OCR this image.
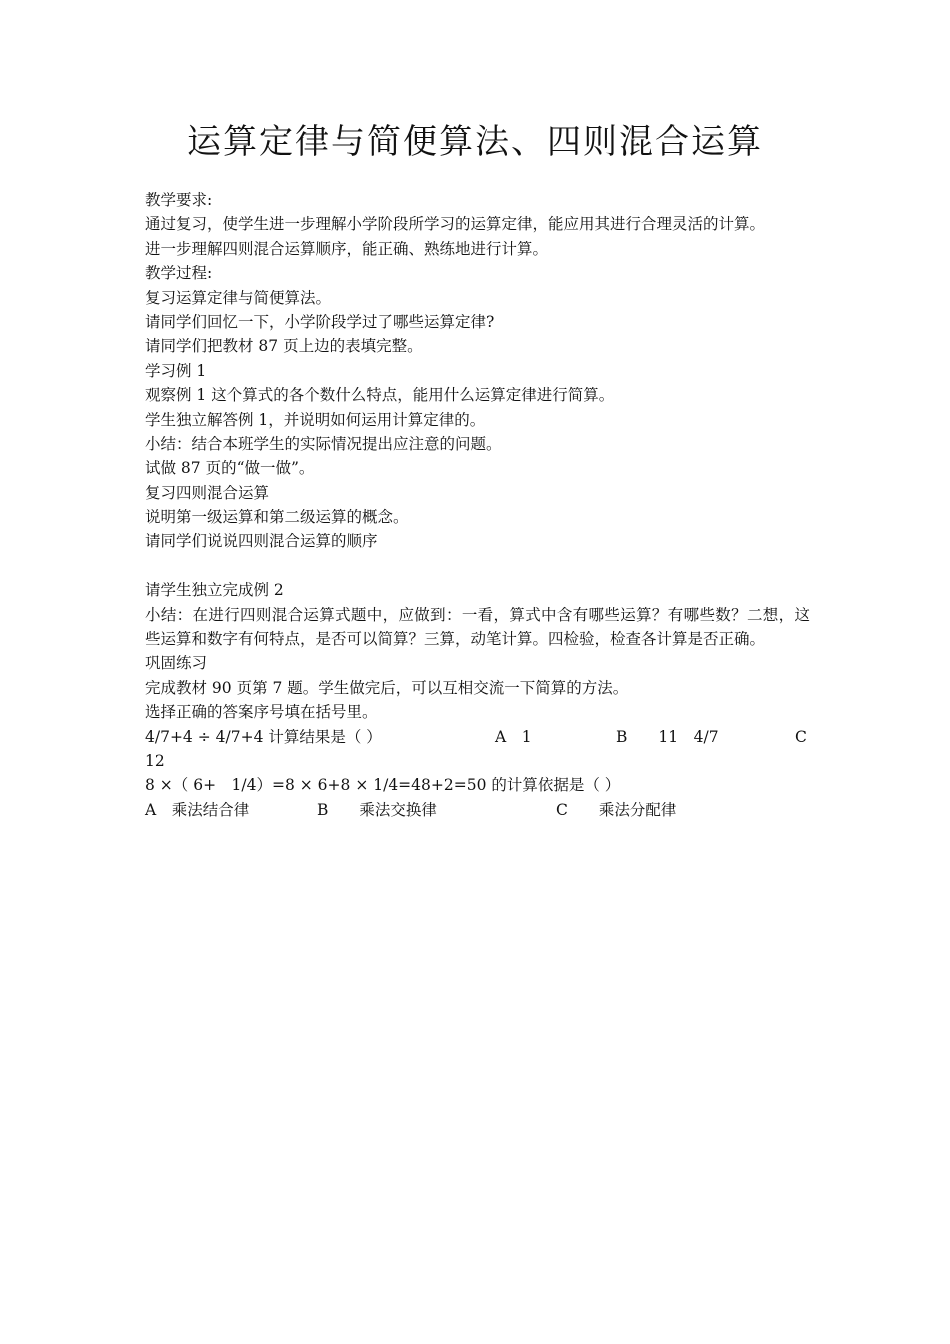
运算定律与简便算法、四则混合运算
教学要求:
通过复习，使学生进一步理解小学阶段所学习的运算定律，能应用其进行合理灵活的计算。
进一步理解四则混合运算顺序，能正确、熟练地进行计算。
教学过程:
复习运算定律与简便算法。
请同学们回忆一下，小学阶段学过了哪些运算定律?
请同学们把教材 87 页上边的表填完整。
学习例 1
观察例 1 这个算式的各个数什么特点，能用什么运算定律进行简算。
学生独立解答例 1，并说明如何运用计算定律的。
小结：结合本班学生的实际情况提出应注意的问题。
试做 87 页的“做一做”。
复习四则混合运算
说明第一级运算和第二级运算的概念。
请同学们说说四则混合运算的顺序
请学生独立完成例 2
小结：在进行四则混合运算式题中，应做到：一看，算式中含有哪些运算？有哪些数？二想，这些运算和数字有何特点，是否可以简算？三算，动笔计算。四检验，检查各计算是否正确。
巩固练习
完成教材 90 页第 7 题。学生做完后，可以互相交流一下简算的方法。
选择正确的答案序号填在括号里。
4/7+4 ÷ 4/7+4 计算结果是（ ）	A　1	B　　11　4/7	C
12
8 ×（ 6+　1/4）=8 × 6+8 × 1/4=48+2=50 的计算依据是（ ）
A　乘法结合律	B　　乘法交换律	C　　乘法分配律
